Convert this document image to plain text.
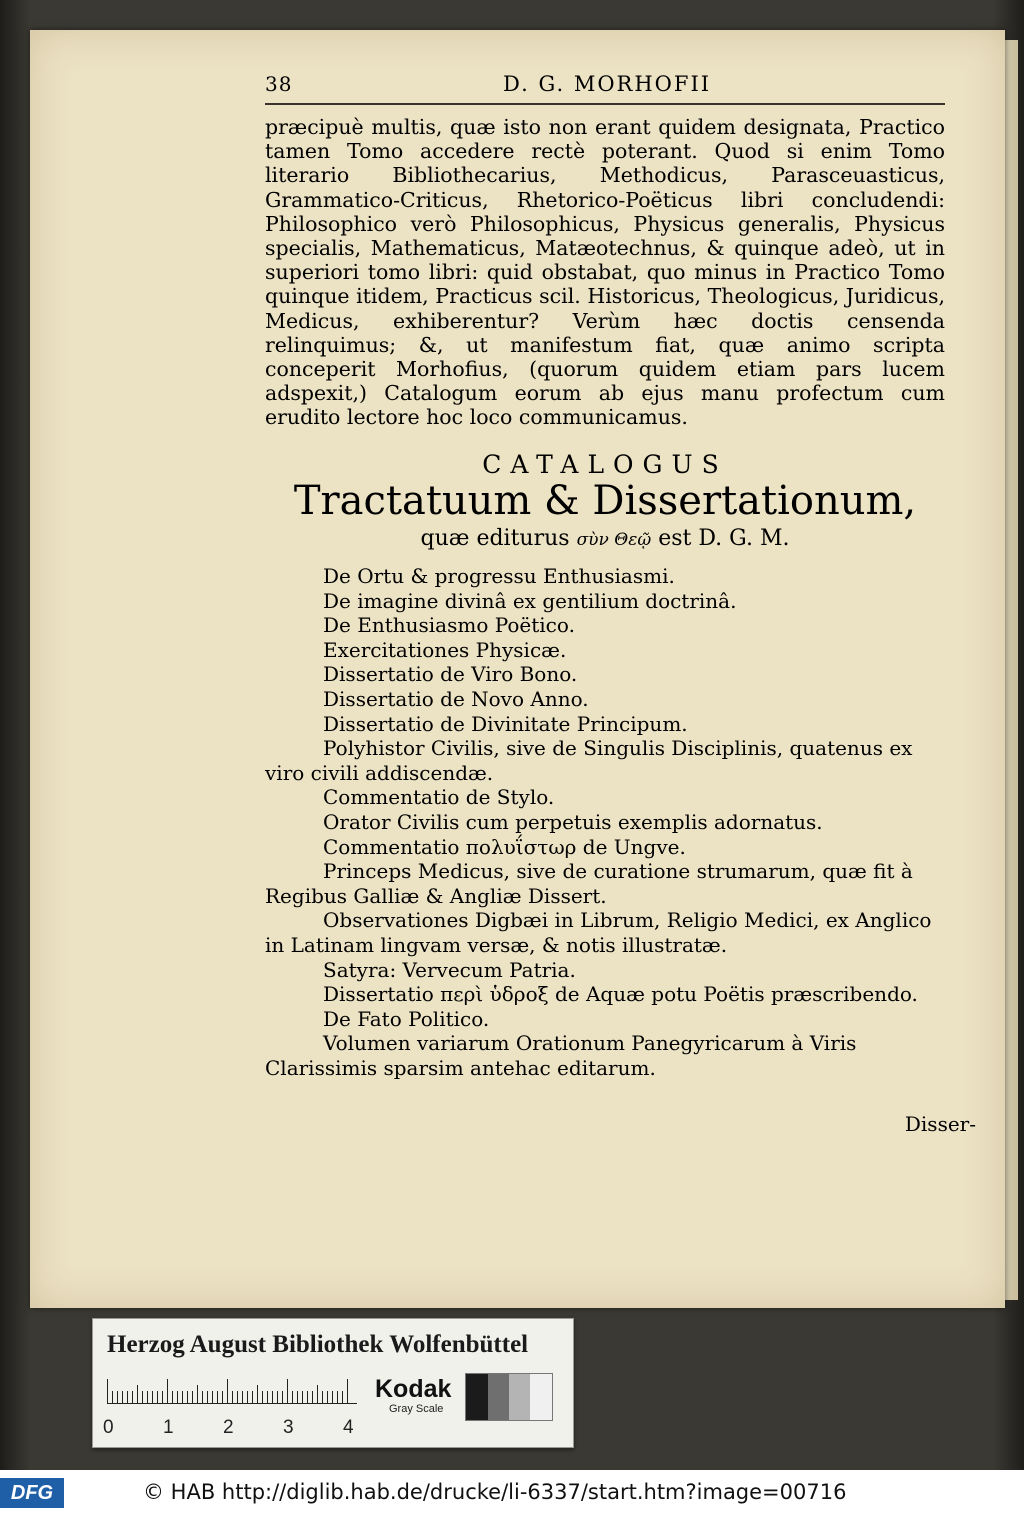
38	D. G. MORHOFII

præcipuè multis, quæ isto non erant quidem designata, Practico tamen Tomo accedere rectè poterant. Quod si enim Tomo literario Bibliothecarius, Methodicus, Parasceuasticus, Grammatico-Criticus, Rhetorico-Poëticus libri concludendi: Philosophico verò Philosophicus, Physicus generalis, Physicus specialis, Mathematicus, Matæotechnus, & quinque adeò, ut in superiori tomo libri: quid obstabat, quo minus in Practico Tomo quinque itidem, Practicus scil. Historicus, Theologicus, Juridicus, Medicus, exhiberentur? Verùm hæc doctis censenda relinquimus; &, ut manifestum fiat, quæ animo scripta conceperit Morhofius, (quorum quidem etiam pars lucem adspexit,) Catalogum eorum ab ejus manu profectum cum erudito lectore hoc loco communicamus.

CATALOGUS
Tractatuum & Dissertationum,
quæ editurus σὺν Θεῷ est D. G. M.
De Ortu & progressu Enthusiasmi.
De imagine divinâ ex gentilium doctrinâ.
De Enthusiasmo Poëtico.
Exercitationes Physicæ.
Dissertatio de Viro Bono.
Dissertatio de Novo Anno.
Dissertatio de Divinitate Principum.
Polyhistor Civilis, sive de Singulis Disciplinis, quatenus ex viro civili addiscendæ.
Commentatio de Stylo.
Orator Civilis cum perpetuis exemplis adornatus.
Commentatio πολυΐστωρ de Ungve.
Princeps Medicus, sive de curatione strumarum, quæ fit à Regibus Galliæ & Angliæ Dissert.
Observationes Digbæi in Librum, Religio Medici, ex Anglico in Latinam lingvam versæ, & notis illustratæ.
Satyra: Vervecum Patria.
Dissertatio περὶ ὑδροξ de Aquæ potu Poëtis præscribendo.
De Fato Politico.
Volumen variarum Orationum Panegyricarum à Viris Clarissimis sparsim antehac editarum.
Disser-
Herzog August Bibliothek Wolfenbüttel
0	1	2	3	4
Kodak
Gray Scale
DFG	© HAB http://diglib.hab.de/drucke/li-6337/start.htm?image=00716
